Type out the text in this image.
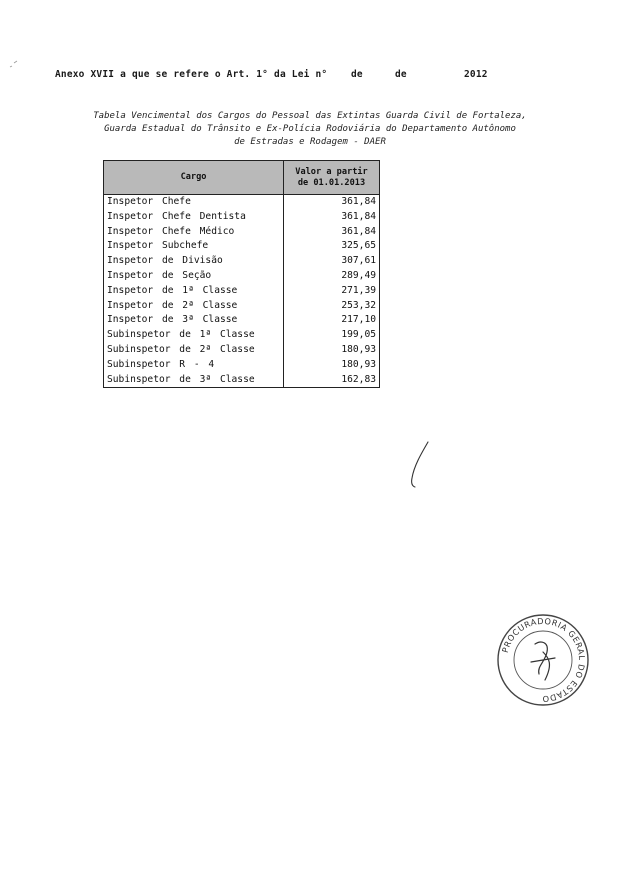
Anexo XVII a que se refere o Art. 1° da Lei n° de	de	2012
Tabela Vencimental dos Cargos do Pessoal das Extintas Guarda Civil de Fortaleza,
Guarda Estadual do Trânsito e Ex-Polícia Rodoviária do Departamento Autônomo
de Estradas e Rodagem - DAER
Cargo	Valor a partir de 01.01.2013
Inspetor Chefe	361,84
Inspetor Chefe Dentista	361,84
Inspetor Chefe Médico	361,84
Inspetor Subchefe	325,65
Inspetor de Divisão	307,61
Inspetor de Seção	289,49
Inspetor de 1ª Classe	271,39
Inspetor de 2ª Classe	253,32
Inspetor de 3ª Classe	217,10
Subinspetor de 1ª Classe	199,05
Subinspetor de 2ª Classe	180,93
Subinspetor R - 4	180,93
Subinspetor de 3ª Classe	162,83
PROCURADORIA GERAL DO ESTADO
